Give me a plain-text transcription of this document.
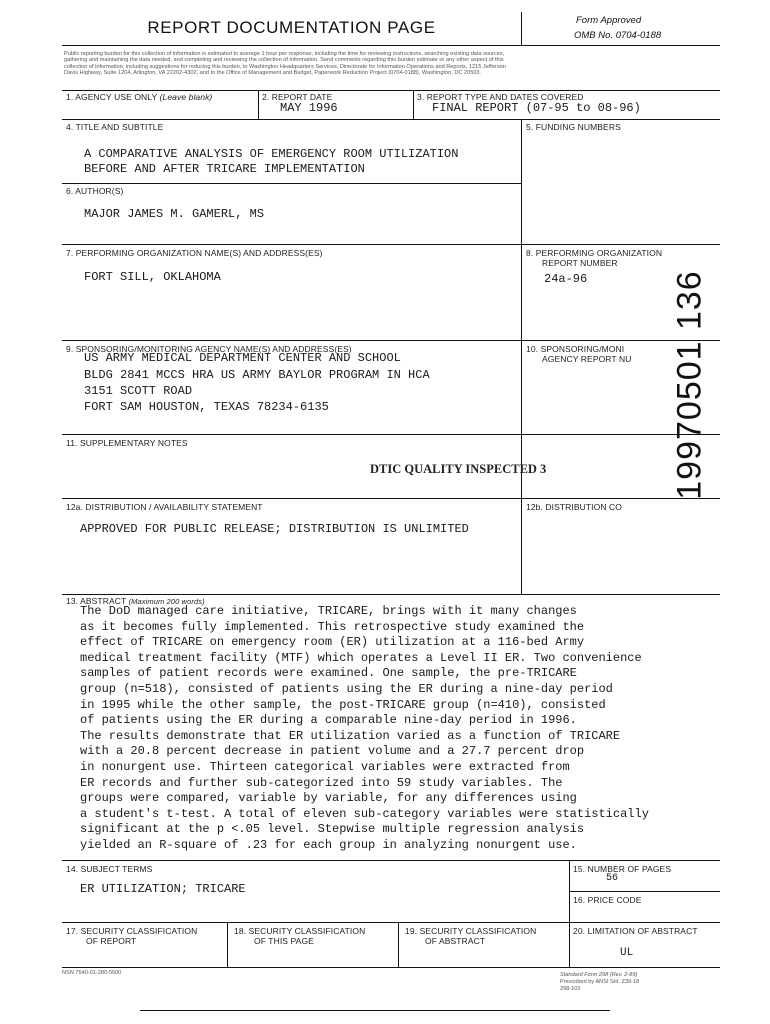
REPORT DOCUMENTATION PAGE	Form Approved
OMB No. 0704-0188
Public reporting burden for this collection of information is estimated to average 1 hour per response, including the time for reviewing instructions, searching existing data sources,
gathering and maintaining the data needed, and completing and reviewing the collection of information. Send comments regarding this burden estimate or any other aspect of this
collection of information, including suggestions for reducing this burden, to Washington Headquarters Services, Directorate for Information Operations and Reports, 1215 Jefferson
Davis Highway, Suite 1204, Arlington, VA 22202-4302, and to the Office of Management and Budget, Paperwork Reduction Project (0704-0188), Washington, DC 20503.
1. AGENCY USE ONLY (Leave blank)	2. REPORT DATE
MAY 1996
3. REPORT TYPE AND DATES COVERED
FINAL REPORT (07-95 to 08-96)
4. TITLE AND SUBTITLE
A COMPARATIVE ANALYSIS OF EMERGENCY ROOM UTILIZATION
BEFORE AND AFTER TRICARE IMPLEMENTATION
5. FUNDING NUMBERS
6. AUTHOR(S)
MAJOR JAMES M. GAMERL, MS
7. PERFORMING ORGANIZATION NAME(S) AND ADDRESS(ES)
FORT SILL, OKLAHOMA
8. PERFORMING ORGANIZATION
REPORT NUMBER
24a-96
9. SPONSORING/MONITORING AGENCY NAME(S) AND ADDRESS(ES)
US ARMY MEDICAL DEPARTMENT CENTER AND SCHOOL
BLDG 2841 MCCS HRA US ARMY BAYLOR PROGRAM IN HCA
3151 SCOTT ROAD
FORT SAM HOUSTON, TEXAS 78234-6135
10. SPONSORING/MONI
AGENCY REPORT NU
11. SUPPLEMENTARY NOTES
DTIC QUALITY INSPECTED 3	19970501 136
12a. DISTRIBUTION / AVAILABILITY STATEMENT
APPROVED FOR PUBLIC RELEASE; DISTRIBUTION IS UNLIMITED
12b. DISTRIBUTION CO
13. ABSTRACT (Maximum 200 words)
The DoD managed care initiative, TRICARE, brings with it many changes
as it becomes fully implemented. This retrospective study examined the
effect of TRICARE on emergency room (ER) utilization at a 116-bed Army
medical treatment facility (MTF) which operates a Level II ER. Two convenience
samples of patient records were examined. One sample, the pre-TRICARE
group (n=518), consisted of patients using the ER during a nine-day period
in 1995 while the other sample, the post-TRICARE group (n=410), consisted
of patients using the ER during a comparable nine-day period in 1996.
The results demonstrate that ER utilization varied as a function of TRICARE
with a 20.8 percent decrease in patient volume and a 27.7 percent drop
in nonurgent use. Thirteen categorical variables were extracted from
ER records and further sub-categorized into 59 study variables. The
groups were compared, variable by variable, for any differences using
a student's t-test. A total of eleven sub-category variables were statistically
significant at the p <.05 level. Stepwise multiple regression analysis
yielded an R-square of .23 for each group in analyzing nonurgent use.
14. SUBJECT TERMS
ER UTILIZATION; TRICARE
15. NUMBER OF PAGES
56
16. PRICE CODE
17. SECURITY CLASSIFICATION
OF REPORT
18. SECURITY CLASSIFICATION
OF THIS PAGE
19. SECURITY CLASSIFICATION
OF ABSTRACT
20. LIMITATION OF ABSTRACT
UL
NSN 7540-01-280-5500	Standard Form 298 (Rev. 2-89)
Prescribed by ANSI Std. Z39-18
298-102
